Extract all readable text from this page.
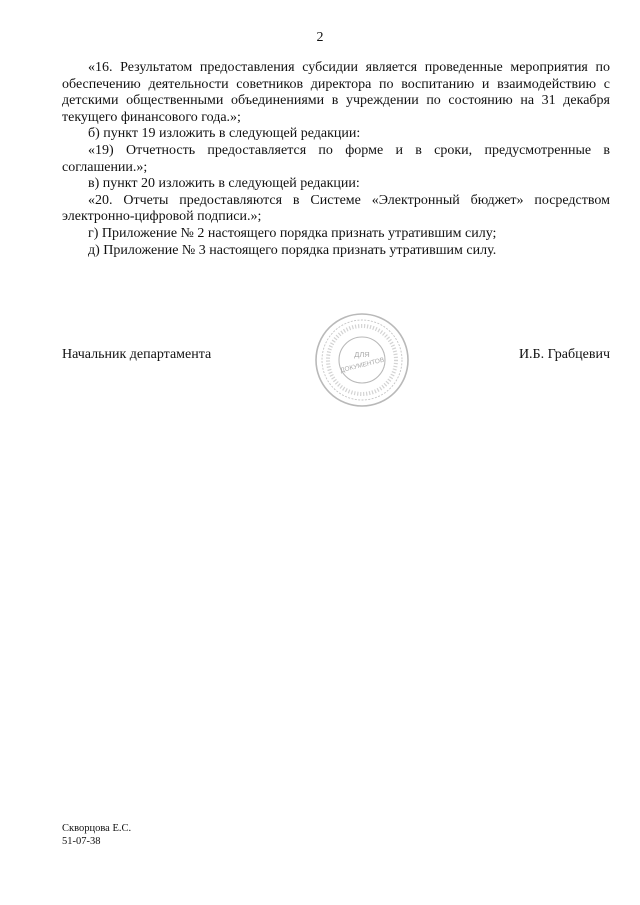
2

«16. Результатом предоставления субсидии является проведенные мероприятия по обеспечению деятельности советников директора по воспитанию и взаимодействию с детскими общественными объединениями в учреждении по состоянию на 31 декабря текущего финансового года.»;

б) пункт 19 изложить в следующей редакции:

«19) Отчетность предоставляется по форме и в сроки, предусмотренные в соглашении.»;

в) пункт 20 изложить в следующей редакции:

«20. Отчеты предоставляются в Системе «Электронный бюджет» посредством электронно-цифровой подписи.»;

г) Приложение № 2 настоящего порядка признать утратившим силу;

д) Приложение № 3 настоящего порядка признать утратившим силу.

Начальник департамента	И.Б. Грабцевич
ДЛЯ
ДОКУМЕНТОВ
Скворцова Е.С.
51-07-38
